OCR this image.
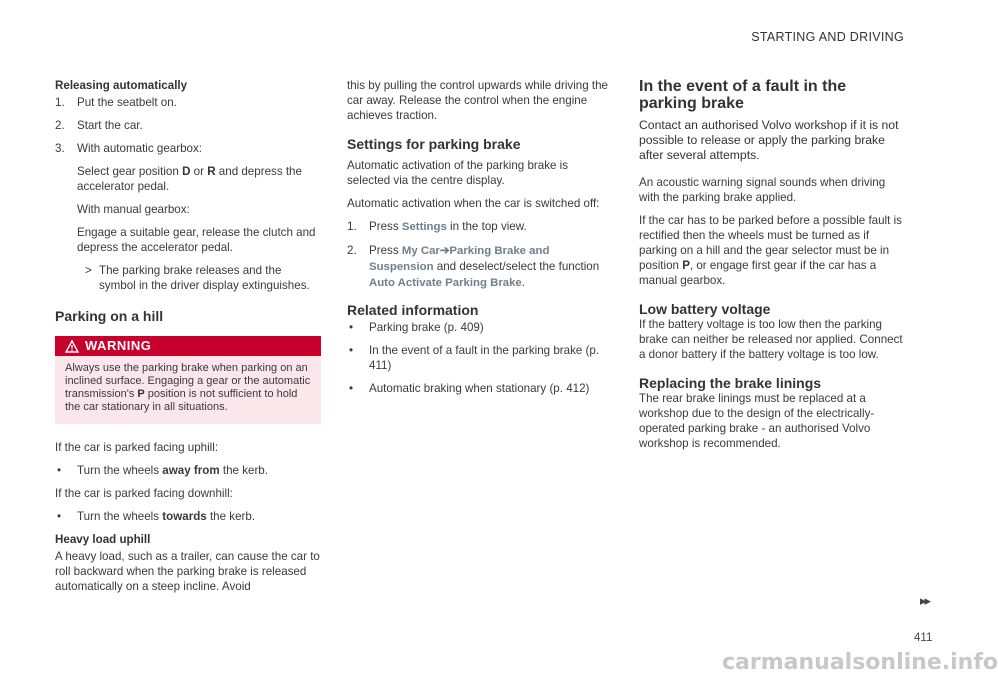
STARTING AND DRIVING
Releasing automatically
1.	Put the seatbelt on.
2.	Start the car.
3.	With automatic gearbox:
Select gear position D or R and depress the accelerator pedal.
With manual gearbox:
Engage a suitable gear, release the clutch and depress the accelerator pedal.
> The parking brake releases and the symbol in the driver display extinguishes.
Parking on a hill
WARNING
Always use the parking brake when parking on an inclined surface. Engaging a gear or the automatic transmission's P position is not sufficient to hold the car stationary in all situations.
If the car is parked facing uphill:
•	Turn the wheels away from the kerb.
If the car is parked facing downhill:
•	Turn the wheels towards the kerb.
Heavy load uphill
A heavy load, such as a trailer, can cause the car to roll backward when the parking brake is released automatically on a steep incline. Avoid
this by pulling the control upwards while driving the car away. Release the control when the engine achieves traction.
Settings for parking brake
Automatic activation of the parking brake is selected via the centre display.
Automatic activation when the car is switched off:
1.	Press Settings in the top view.
2.	Press My Car➔Parking Brake and Suspension and deselect/select the function Auto Activate Parking Brake.
Related information
•	Parking brake (p. 409)
•	In the event of a fault in the parking brake (p. 411)
•	Automatic braking when stationary (p. 412)
In the event of a fault in the parking brake
Contact an authorised Volvo workshop if it is not possible to release or apply the parking brake after several attempts.
An acoustic warning signal sounds when driving with the parking brake applied.
If the car has to be parked before a possible fault is rectified then the wheels must be turned as if parking on a hill and the gear selector must be in position P, or engage first gear if the car has a manual gearbox.
Low battery voltage
If the battery voltage is too low then the parking brake can neither be released nor applied. Connect a donor battery if the battery voltage is too low.
Replacing the brake linings
The rear brake linings must be replaced at a workshop due to the design of the electrically-operated parking brake - an authorised Volvo workshop is recommended.
▸▸
411
carmanualsonline.info
